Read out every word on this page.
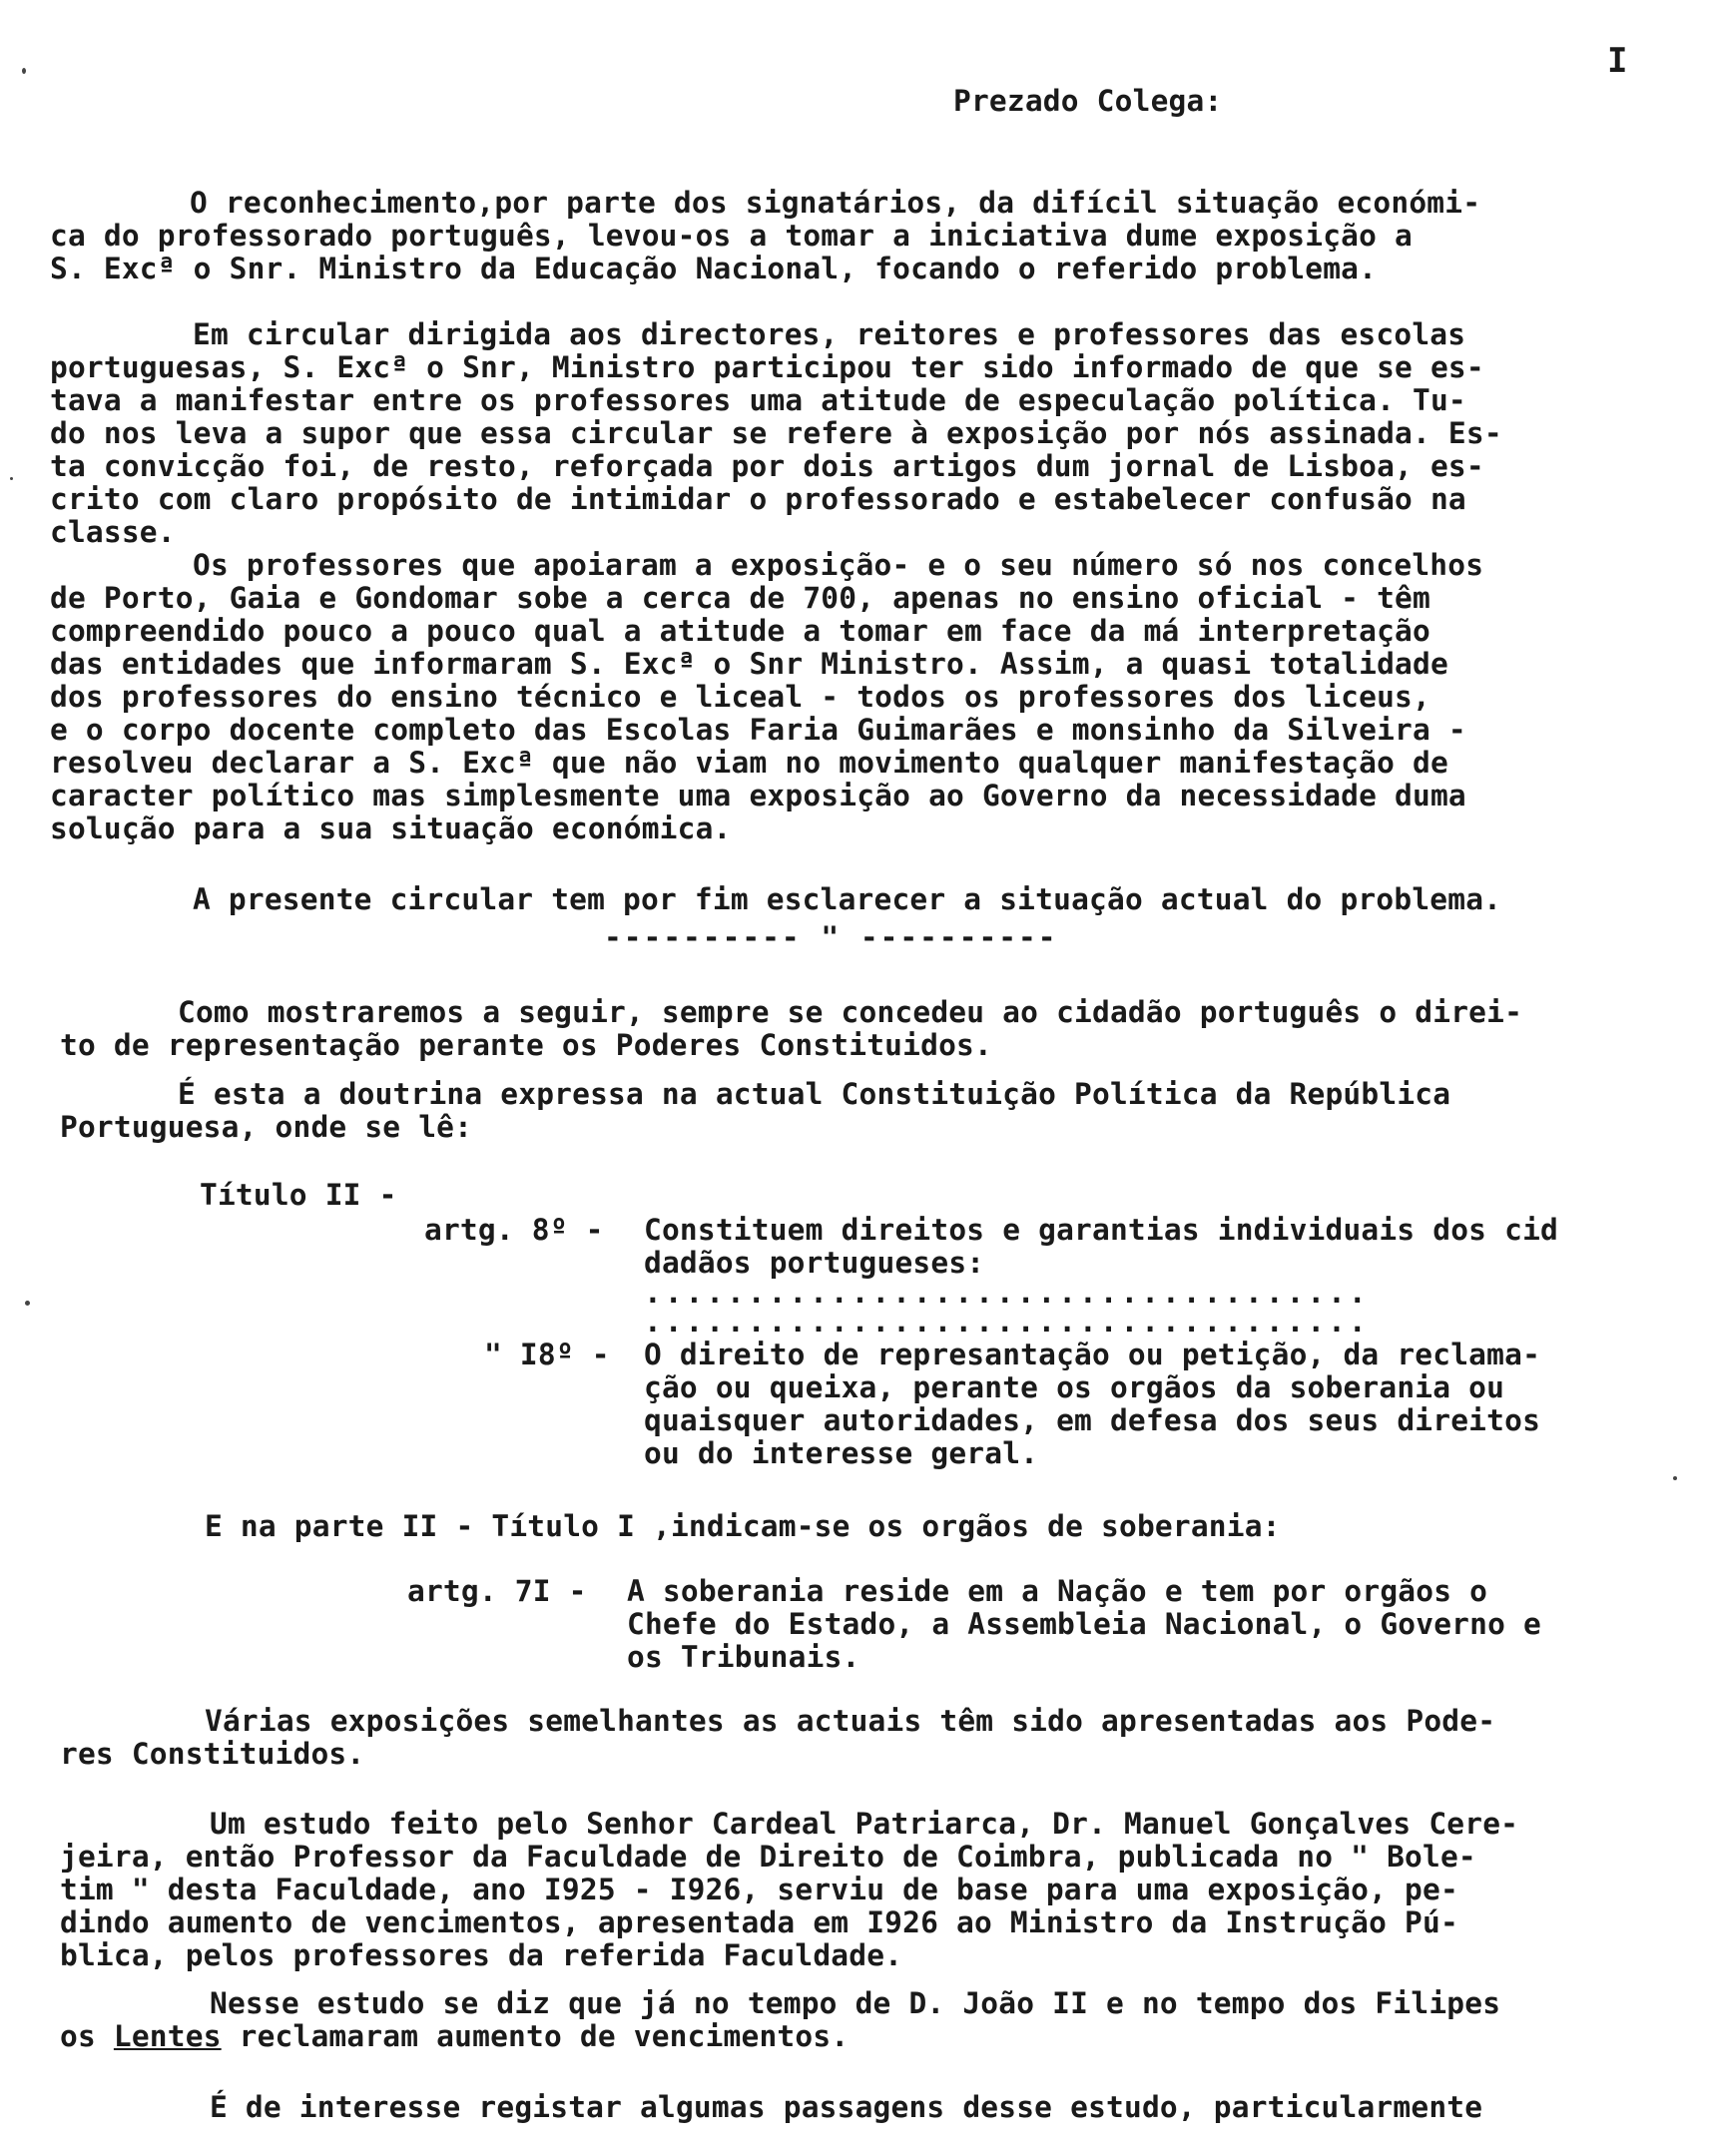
I
Prezado Colega:
O reconhecimento,por parte dos signatários, da difícil situação económi-
ca do professorado português, levou-os a tomar a iniciativa dume exposição a
S. Excª o Snr. Ministro da Educação Nacional, focando o referido problema.
Em circular dirigida aos directores, reitores e professores das escolas
portuguesas, S. Excª o Snr, Ministro participou ter sido informado de que se es-
tava a manifestar entre os professores uma atitude de especulação política. Tu-
do nos leva a supor que essa circular se refere à exposição por nós assinada. Es-
ta convicção foi, de resto, reforçada por dois artigos dum jornal de Lisboa, es-
crito com claro propósito de intimidar o professorado e estabelecer confusão na
classe.
Os professores que apoiaram a exposição- e o seu número só nos concelhos
de Porto, Gaia e Gondomar sobe a cerca de 700, apenas no ensino oficial - têm
compreendido pouco a pouco qual a atitude a tomar em face da má interpretação
das entidades que informaram S. Excª o Snr Ministro. Assim, a quasi totalidade
dos professores do ensino técnico e liceal - todos os professores dos liceus,
e o corpo docente completo das Escolas Faria Guimarães e monsinho da Silveira -
resolveu declarar a S. Excª que não viam no movimento qualquer manifestação de
caracter político mas simplesmente uma exposição ao Governo da necessidade duma
solução para a sua situação económica.
A presente circular tem por fim esclarecer a situação actual do problema.
---------- " ----------
Como mostraremos a seguir, sempre se concedeu ao cidadão português o direi-
to de representação perante os Poderes Constituidos.
É esta a doutrina expressa na actual Constituição Política da República
Portuguesa, onde se lê:
Título II -
artg. 8º - Constituem direitos e garantias individuais dos cid
dadãos portugueses:
...................................
...................................
" I8º - O direito de represantação ou petição, da reclama-
ção ou queixa, perante os orgãos da soberania ou
quaisquer autoridades, em defesa dos seus direitos
ou do interesse geral.
E na parte II - Título I ,indicam-se os orgãos de soberania:
artg. 7I - A soberania reside em a Nação e tem por orgãos o
Chefe do Estado, a Assembleia Nacional, o Governo e
os Tribunais.
Várias exposições semelhantes as actuais têm sido apresentadas aos Pode-
res Constituidos.
Um estudo feito pelo Senhor Cardeal Patriarca, Dr. Manuel Gonçalves Cere-
jeira, então Professor da Faculdade de Direito de Coimbra, publicada no " Bole-
tim " desta Faculdade, ano I925 - I926, serviu de base para uma exposição, pe-
dindo aumento de vencimentos, apresentada em I926 ao Ministro da Instrução Pú-
blica, pelos professores da referida Faculdade.
Nesse estudo se diz que já no tempo de D. João II e no tempo dos Filipes
os Lentes reclamaram aumento de vencimentos.
É de interesse registar algumas passagens desse estudo, particularmente
